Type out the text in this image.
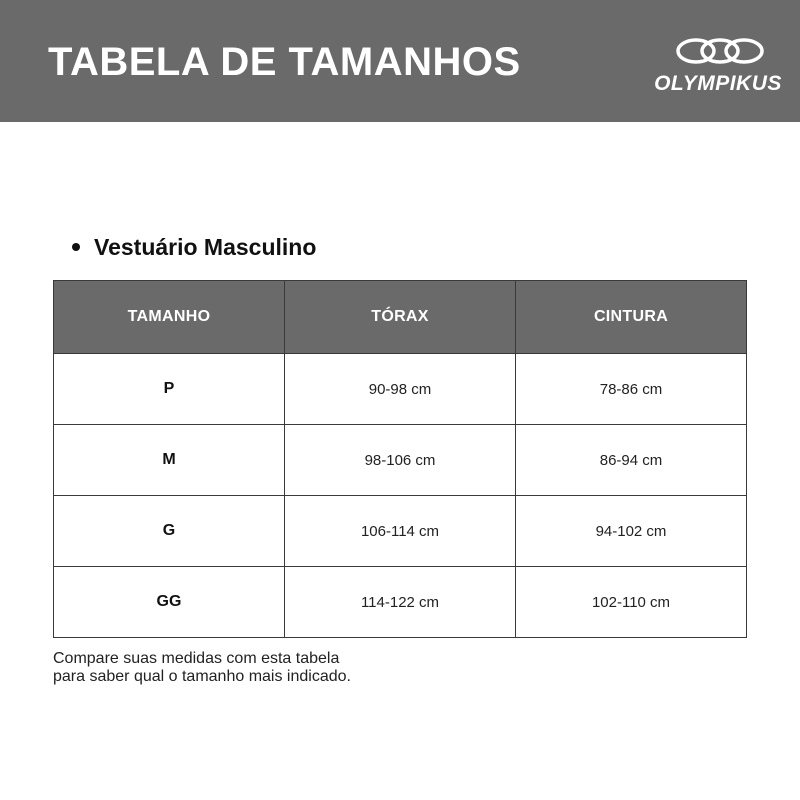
TABELA DE TAMANHOS	OLYMPIKUS
Vestuário Masculino
TAMANHO	TÓRAX	CINTURA
P	90-98 cm	78-86 cm
M	98-106 cm	86-94 cm
G	106-114 cm	94-102 cm
GG	114-122 cm	102-110 cm
Compare suas medidas com esta tabela
para saber qual o tamanho mais indicado.
